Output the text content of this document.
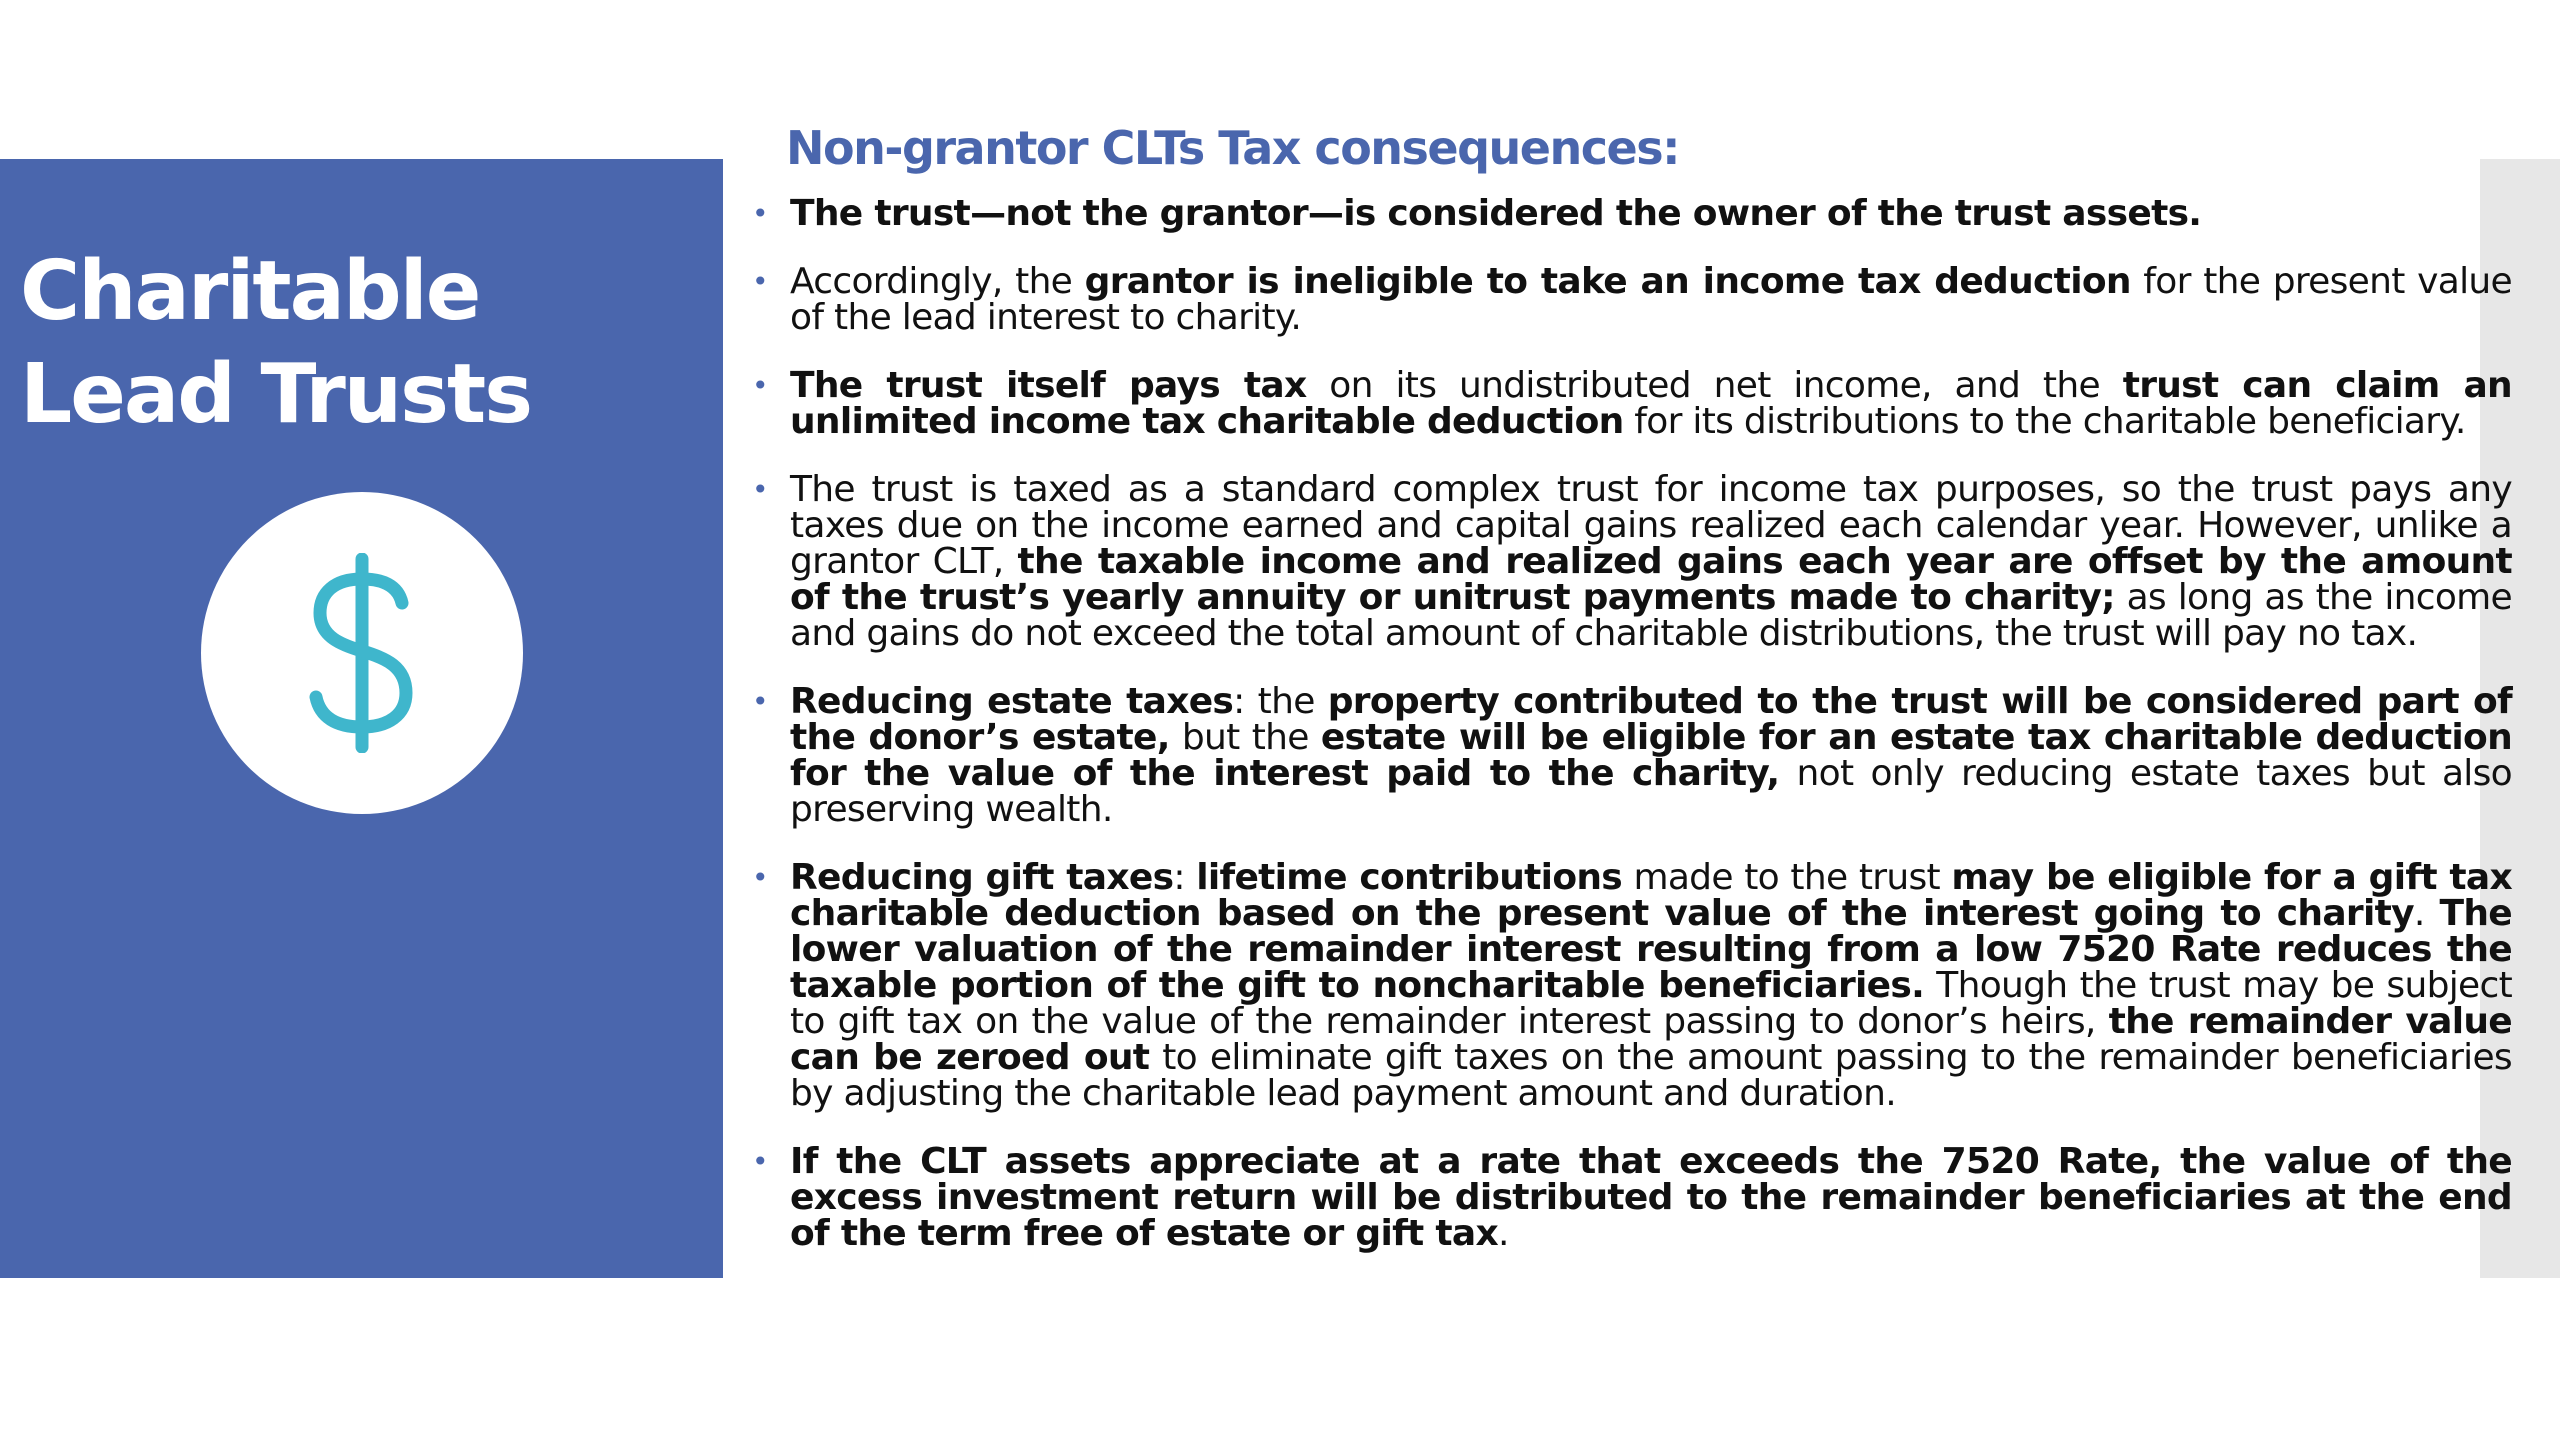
Charitable Lead Trusts
Non-grantor CLTs Tax consequences:
• The trust—not the grantor—is considered the owner of the trust assets.
• Accordingly, the grantor is ineligible to take an income tax deduction for the present value of the lead interest to charity.
• The trust itself pays tax on its undistributed net income, and the trust can claim an unlimited income tax charitable deduction for its distributions to the charitable beneficiary.
• The trust is taxed as a standard complex trust for income tax purposes, so the trust pays any taxes due on the income earned and capital gains realized each calendar year. However, unlike a grantor CLT, the taxable income and realized gains each year are offset by the amount of the trust’s yearly annuity or unitrust payments made to charity; as long as the income and gains do not exceed the total amount of charitable distributions, the trust will pay no tax.
• Reducing estate taxes: the property contributed to the trust will be considered part of the donor’s estate, but the estate will be eligible for an estate tax charitable deduction for the value of the interest paid to the charity, not only reducing estate taxes but also preserving wealth.
• Reducing gift taxes: lifetime contributions made to the trust may be eligible for a gift tax charitable deduction based on the present value of the interest going to charity. The lower valuation of the remainder interest resulting from a low 7520 Rate reduces the taxable portion of the gift to noncharitable beneficiaries. Though the trust may be subject to gift tax on the value of the remainder interest passing to donor’s heirs, the remainder value can be zeroed out to eliminate gift taxes on the amount passing to the remainder beneficiaries by adjusting the charitable lead payment amount and duration.
• If the CLT assets appreciate at a rate that exceeds the 7520 Rate, the value of the excess investment return will be distributed to the remainder beneficiaries at the end of the term free of estate or gift tax.
